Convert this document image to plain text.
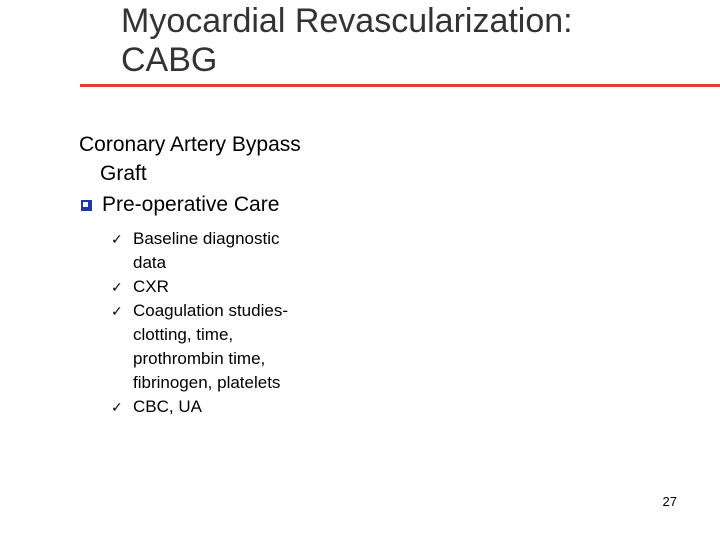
Myocardial Revascularization:
CABG
Coronary Artery Bypass
Graft
Pre-operative Care
✓ Baseline diagnostic
data
✓ CXR
✓ Coagulation studies-
clotting, time,
prothrombin time,
fibrinogen, platelets
✓ CBC, UA
27
